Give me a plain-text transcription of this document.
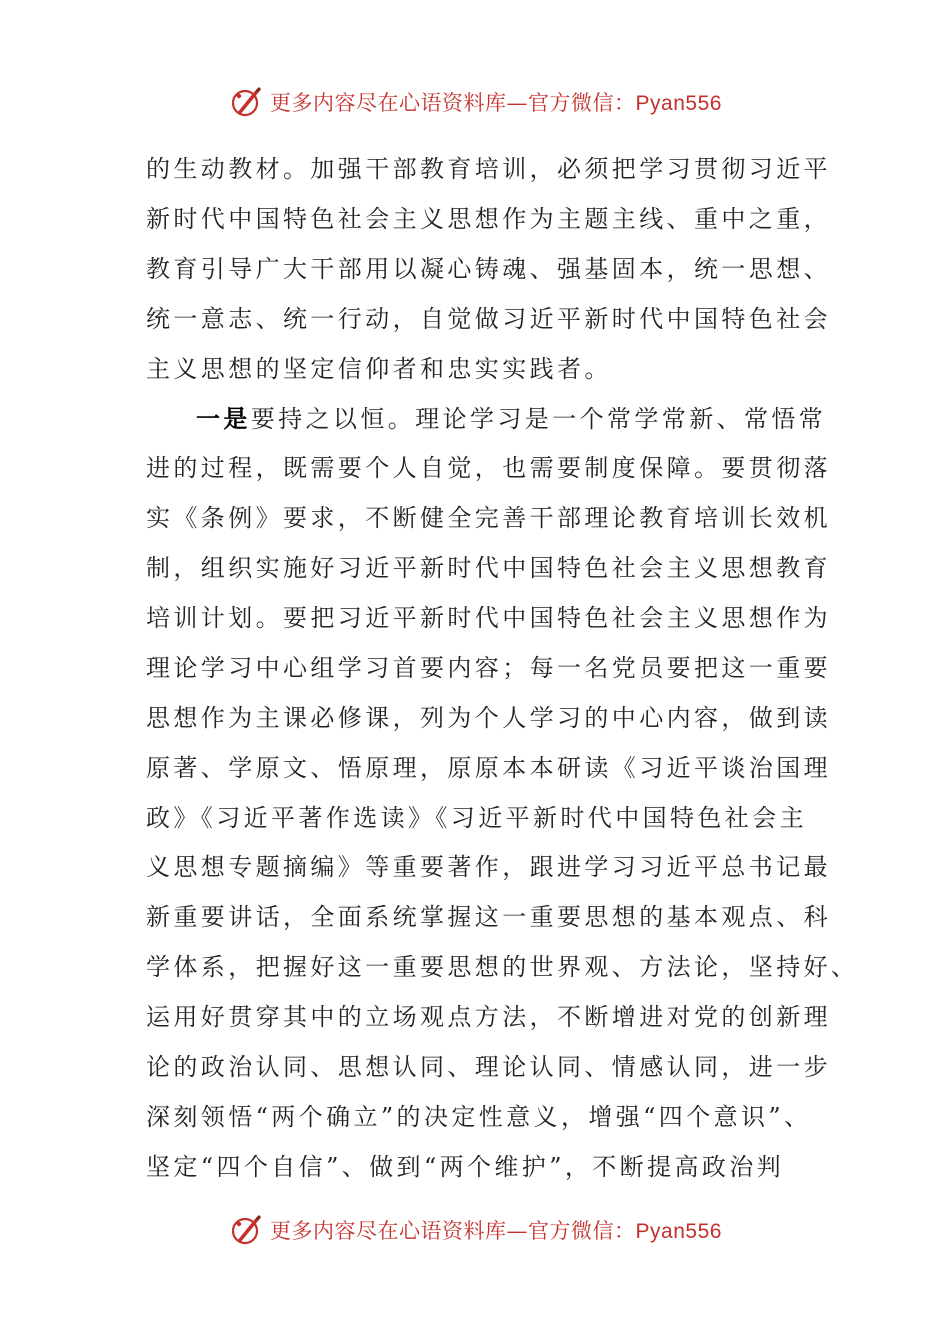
更多内容尽在心语资料库—官方微信：Pyan556
的生动教材。加强干部教育培训，必须把学习贯彻习近平
新时代中国特色社会主义思想作为主题主线、重中之重，
教育引导广大干部用以凝心铸魂、强基固本，统一思想、
统一意志、统一行动，自觉做习近平新时代中国特色社会
主义思想的坚定信仰者和忠实实践者。
一是要持之以恒。理论学习是一个常学常新、常悟常
进的过程，既需要个人自觉，也需要制度保障。要贯彻落
实《条例》要求，不断健全完善干部理论教育培训长效机
制，组织实施好习近平新时代中国特色社会主义思想教育
培训计划。要把习近平新时代中国特色社会主义思想作为
理论学习中心组学习首要内容；每一名党员要把这一重要
思想作为主课必修课，列为个人学习的中心内容，做到读
原著、学原文、悟原理，原原本本研读《习近平谈治国理
政》《习近平著作选读》《习近平新时代中国特色社会主
义思想专题摘编》等重要著作，跟进学习习近平总书记最
新重要讲话，全面系统掌握这一重要思想的基本观点、科
学体系，把握好这一重要思想的世界观、方法论，坚持好、
运用好贯穿其中的立场观点方法，不断增进对党的创新理
论的政治认同、思想认同、理论认同、情感认同，进一步
深刻领悟“两个确立”的决定性意义，增强“四个意识”、
坚定“四个自信”、做到“两个维护”，不断提高政治判
更多内容尽在心语资料库—官方微信：Pyan556
